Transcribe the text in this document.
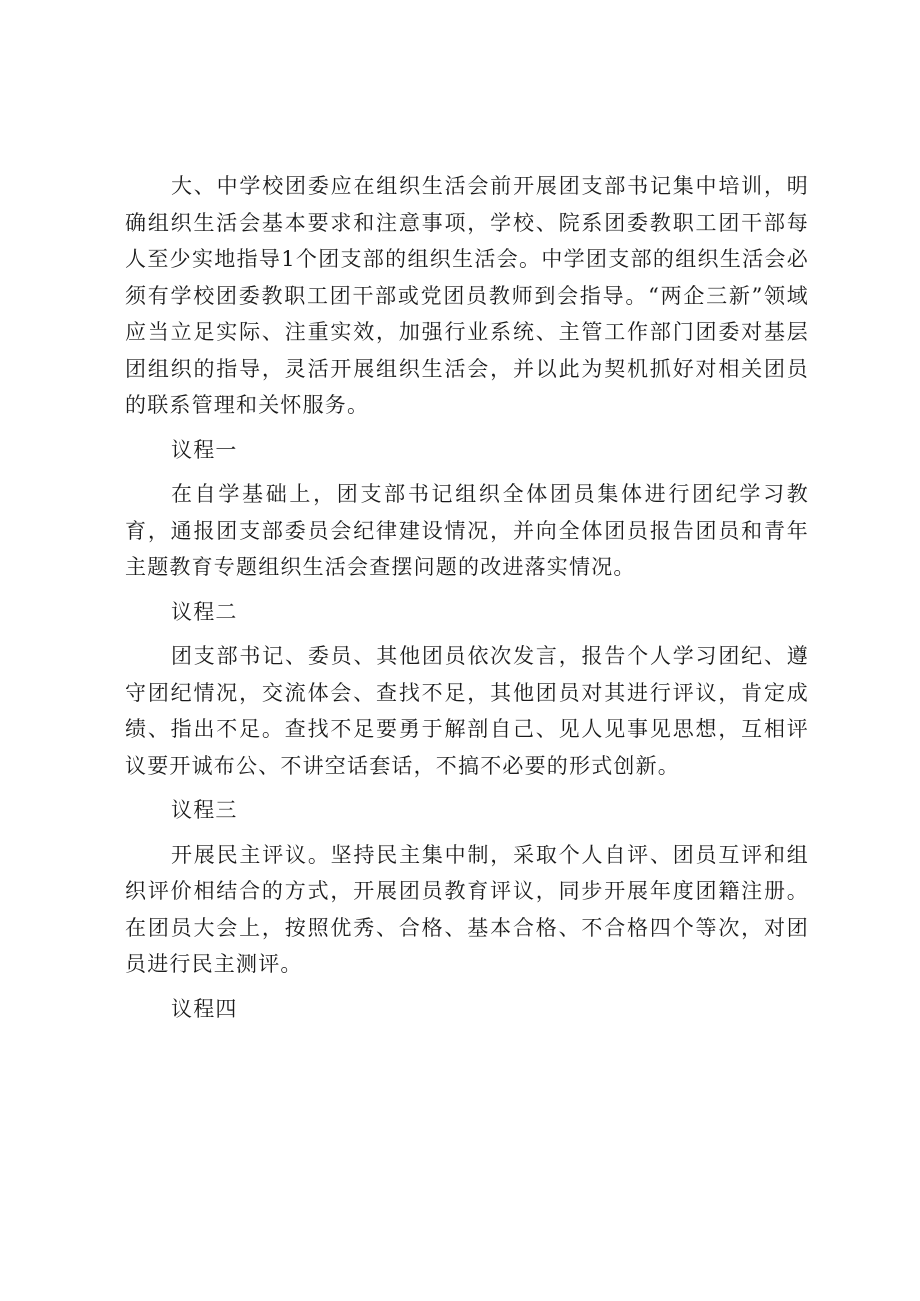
大、中学校团委应在组织生活会前开展团支部书记集中培训，明确组织生活会基本要求和注意事项，学校、院系团委教职工团干部每人至少实地指导1个团支部的组织生活会。中学团支部的组织生活会必须有学校团委教职工团干部或党团员教师到会指导。“两企三新”领域应当立足实际、注重实效，加强行业系统、主管工作部门团委对基层团组织的指导，灵活开展组织生活会，并以此为契机抓好对相关团员的联系管理和关怀服务。

议程一

在自学基础上，团支部书记组织全体团员集体进行团纪学习教育，通报团支部委员会纪律建设情况，并向全体团员报告团员和青年主题教育专题组织生活会查摆问题的改进落实情况。

议程二

团支部书记、委员、其他团员依次发言，报告个人学习团纪、遵守团纪情况，交流体会、查找不足，其他团员对其进行评议，肯定成绩、指出不足。查找不足要勇于解剖自己、见人见事见思想，互相评议要开诚布公、不讲空话套话，不搞不必要的形式创新。

议程三

开展民主评议。坚持民主集中制，采取个人自评、团员互评和组织评价相结合的方式，开展团员教育评议，同步开展年度团籍注册。在团员大会上，按照优秀、合格、基本合格、不合格四个等次，对团员进行民主测评。

议程四
